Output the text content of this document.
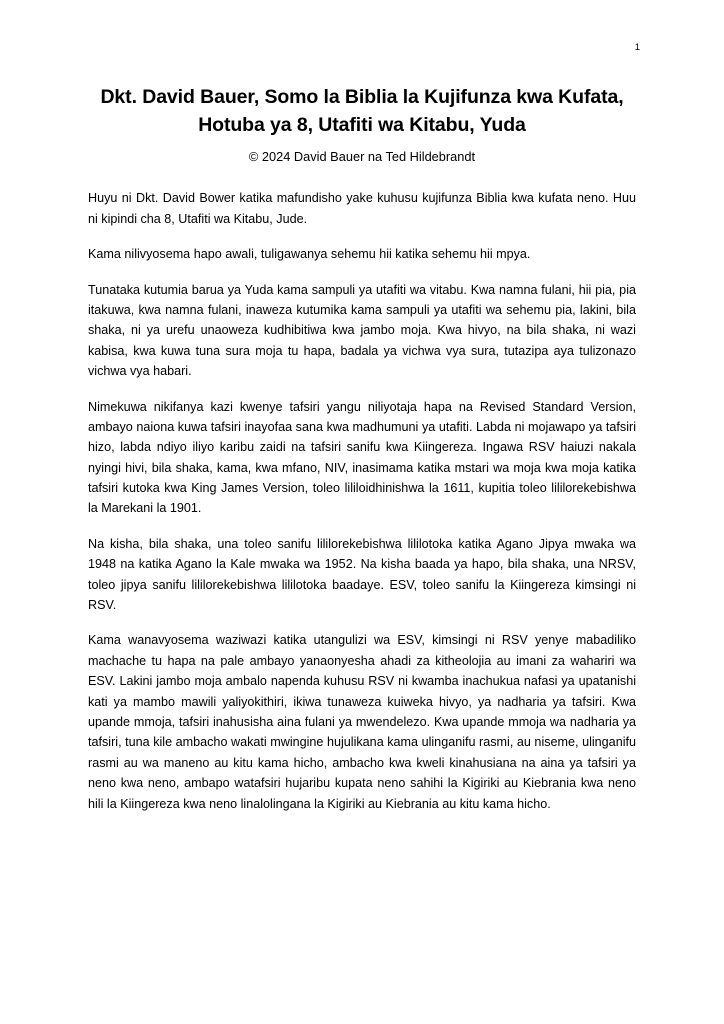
1
Dkt. David Bauer, Somo la Biblia la Kujifunza kwa Kufata,
Hotuba ya 8, Utafiti wa Kitabu, Yuda
© 2024 David Bauer na Ted Hildebrandt

Huyu ni Dkt. David Bower katika mafundisho yake kuhusu kujifunza Biblia kwa kufata neno. Huu ni kipindi cha 8, Utafiti wa Kitabu, Jude.

Kama nilivyosema hapo awali, tuligawanya sehemu hii katika sehemu hii mpya.

Tunataka kutumia barua ya Yuda kama sampuli ya utafiti wa vitabu. Kwa namna fulani, hii pia, pia itakuwa, kwa namna fulani, inaweza kutumika kama sampuli ya utafiti wa sehemu pia, lakini, bila shaka, ni ya urefu unaoweza kudhibitiwa kwa jambo moja. Kwa hivyo, na bila shaka, ni wazi kabisa, kwa kuwa tuna sura moja tu hapa, badala ya vichwa vya sura, tutazipa aya tulizonazo vichwa vya habari.

Nimekuwa nikifanya kazi kwenye tafsiri yangu niliyotaja hapa na Revised Standard Version, ambayo naiona kuwa tafsiri inayofaa sana kwa madhumuni ya utafiti. Labda ni mojawapo ya tafsiri hizo, labda ndiyo iliyo karibu zaidi na tafsiri sanifu kwa Kiingereza. Ingawa RSV haiuzi nakala nyingi hivi, bila shaka, kama, kwa mfano, NIV, inasimama katika mstari wa moja kwa moja katika tafsiri kutoka kwa King James Version, toleo lililoidhinishwa la 1611, kupitia toleo lililorekebishwa la Marekani la 1901.

Na kisha, bila shaka, una toleo sanifu lililorekebishwa lililotoka katika Agano Jipya mwaka wa 1948 na katika Agano la Kale mwaka wa 1952. Na kisha baada ya hapo, bila shaka, una NRSV, toleo jipya sanifu lililorekebishwa lililotoka baadaye. ESV, toleo sanifu la Kiingereza kimsingi ni RSV.

Kama wanavyosema waziwazi katika utangulizi wa ESV, kimsingi ni RSV yenye mabadiliko machache tu hapa na pale ambayo yanaonyesha ahadi za kitheolojia au imani za wahariri wa ESV. Lakini jambo moja ambalo napenda kuhusu RSV ni kwamba inachukua nafasi ya upatanishi kati ya mambo mawili yaliyokithiri, ikiwa tunaweza kuiweka hivyo, ya nadharia ya tafsiri. Kwa upande mmoja, tafsiri inahusisha aina fulani ya mwendelezo. Kwa upande mmoja wa nadharia ya tafsiri, tuna kile ambacho wakati mwingine hujulikana kama ulinganifu rasmi, au niseme, ulinganifu rasmi au wa maneno au kitu kama hicho, ambacho kwa kweli kinahusiana na aina ya tafsiri ya neno kwa neno, ambapo watafsiri hujaribu kupata neno sahihi la Kigiriki au Kiebrania kwa neno hili la Kiingereza kwa neno linalolingana la Kigiriki au Kiebrania au kitu kama hicho.
